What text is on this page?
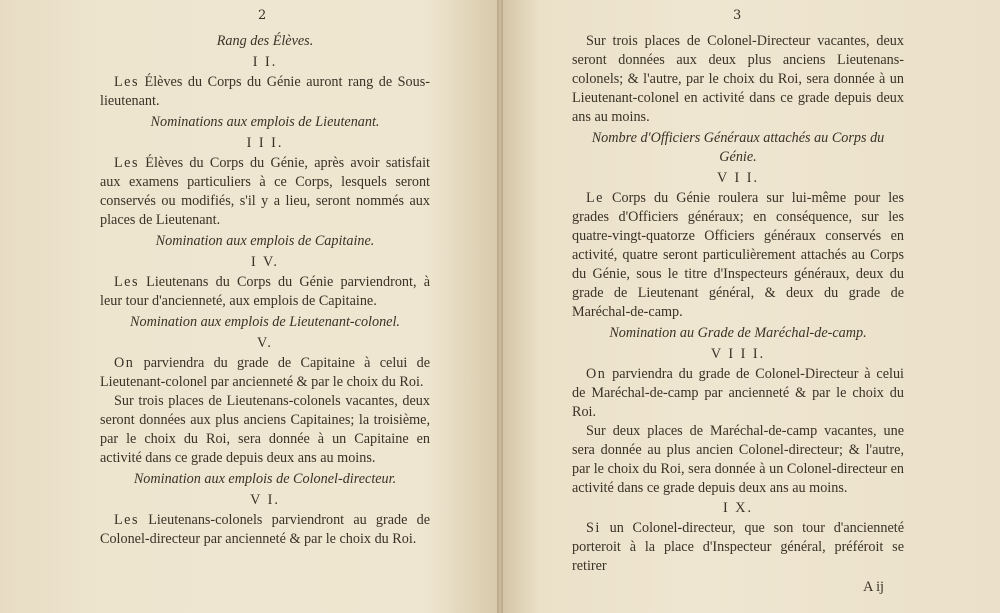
2
Rang des Élèves.
I I.

Les Élèves du Corps du Génie auront rang de Sous-lieutenant.

Nominations aux emplois de Lieutenant.
I I I.

Les Élèves du Corps du Génie, après avoir satisfait aux examens particuliers à ce Corps, lesquels seront conservés ou modifiés, s'il y a lieu, seront nommés aux places de Lieutenant.

Nomination aux emplois de Capitaine.
I V.

Les Lieutenans du Corps du Génie parviendront, à leur tour d'ancienneté, aux emplois de Capitaine.

Nomination aux emplois de Lieutenant-colonel.
V.

On parviendra du grade de Capitaine à celui de Lieutenant-colonel par ancienneté & par le choix du Roi.

Sur trois places de Lieutenans-colonels vacantes, deux seront données aux plus anciens Capitaines; la troisième, par le choix du Roi, sera donnée à un Capitaine en activité dans ce grade depuis deux ans au moins.

Nomination aux emplois de Colonel-directeur.
V I.

Les Lieutenans-colonels parviendront au grade de Colonel-directeur par ancienneté & par le choix du Roi.

3

Sur trois places de Colonel-Directeur vacantes, deux seront données aux deux plus anciens Lieutenans-colonels; & l'autre, par le choix du Roi, sera donnée à un Lieutenant-colonel en activité dans ce grade depuis deux ans au moins.

Nombre d'Officiers Généraux attachés au Corps du Génie.
V I I.

Le Corps du Génie roulera sur lui-même pour les grades d'Officiers généraux; en conséquence, sur les quatre-vingt-quatorze Officiers généraux conservés en activité, quatre seront particulièrement attachés au Corps du Génie, sous le titre d'Inspecteurs généraux, deux du grade de Lieutenant général, & deux du grade de Maréchal-de-camp.

Nomination au Grade de Maréchal-de-camp.
V I I I.

On parviendra du grade de Colonel-Directeur à celui de Maréchal-de-camp par ancienneté & par le choix du Roi.

Sur deux places de Maréchal-de-camp vacantes, une sera donnée au plus ancien Colonel-directeur; & l'autre, par le choix du Roi, sera donnée à un Colonel-directeur en activité dans ce grade depuis deux ans au moins.

I X.

Si un Colonel-directeur, que son tour d'ancienneté porteroit à la place d'Inspecteur général, préféroit se retirer

A ij
